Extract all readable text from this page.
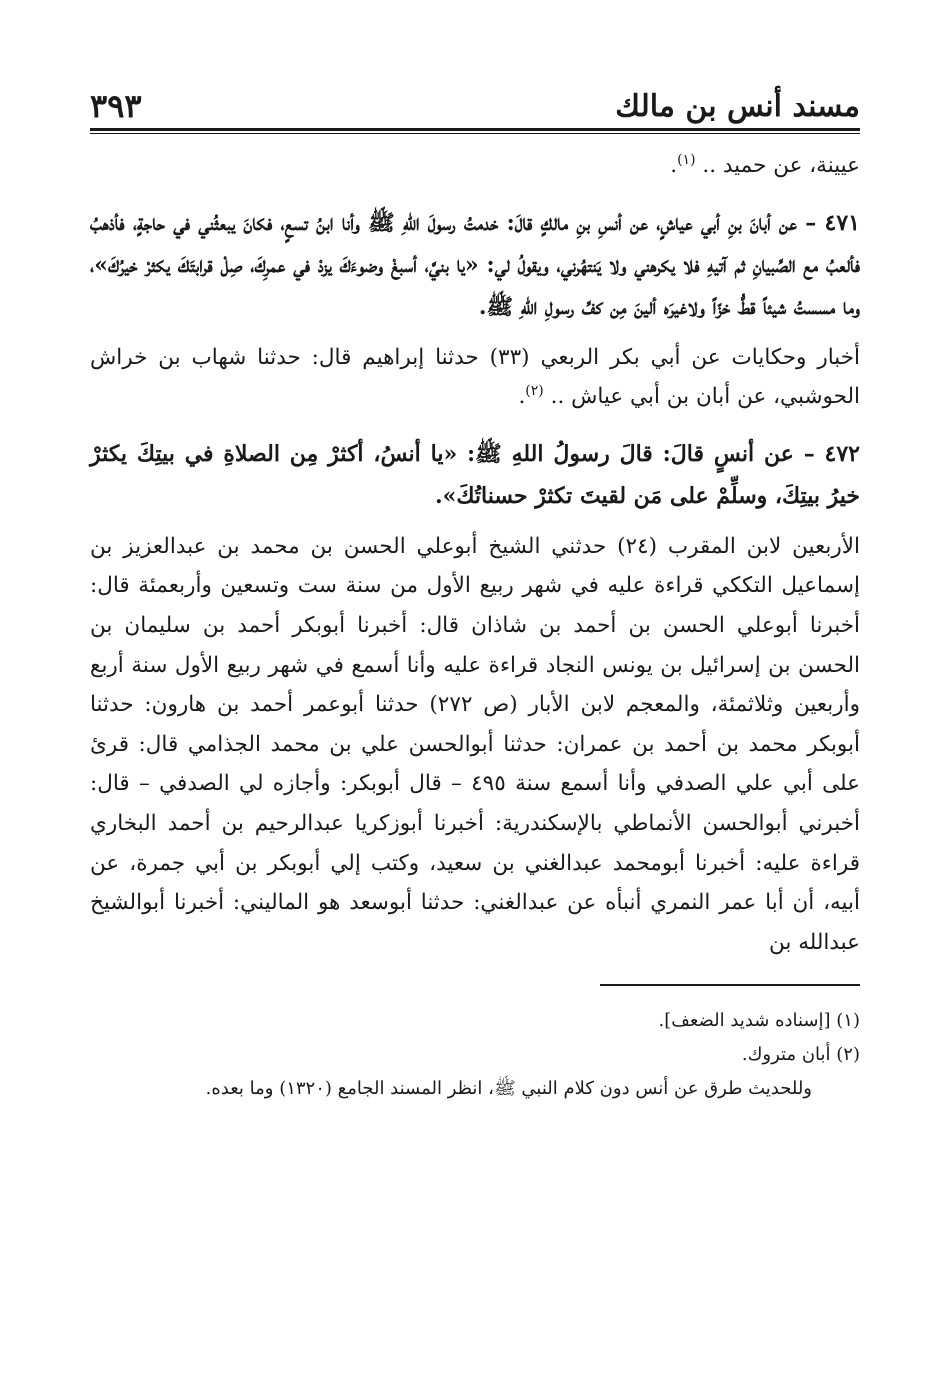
مسند أنس بن مالك
٣٩٣

عيينة، عن حميد .. $^{(١)}$.

٤٧١ – عن أبانَ بنِ أبي عياشٍ، عن أنسِ بنِ مالكٍ قالَ: خدمتُ رسولَ اللهِ ﷺ وأنا ابنُ تسعٍ، فكانَ يبعثُني في حاجةٍ، فأذهبُ فألعبُ مع الصِّبيانِ ثم آتيهِ فلا يكرهني ولا يَنتهُرني، ويقولُ لي: «يا بنيَّ، أسبغْ وضوءَكَ يزدْ في عمرِكَ، صِلْ قرابتَكَ يكثرْ خيرُكَ»، وما مسستُ شيئاً قطُّ خزّاً ولاغيرَه ألينَ مِن كفِّ رسولِ اللهِ ﷺ.

أخبار وحكايات عن أبي بكر الربعي (٣٣) حدثنا إبراهيم قال: حدثنا شهاب بن خراش الحوشبي، عن أبان بن أبي عياش .. $^{(٢)}$.

٤٧٢ – عن أنسٍ قالَ: قالَ رسولُ اللهِ ﷺ: «يا أنسُ، أكثرْ مِن الصلاةِ في بيتِكَ يكثرْ خيرُ بيتِكَ، وسلِّمْ على مَن لقيتَ تكثرْ حسناتُكَ».

الأربعين لابن المقرب (٢٤) حدثني الشيخ أبوعلي الحسن بن محمد بن عبدالعزيز بن إسماعيل التككي قراءة عليه في شهر ربيع الأول من سنة ست وتسعين وأربعمئة قال: أخبرنا أبوعلي الحسن بن أحمد بن شاذان قال: أخبرنا أبوبكر أحمد بن سليمان بن الحسن بن إسرائيل بن يونس النجاد قراءة عليه وأنا أسمع في شهر ربيع الأول سنة أربع وأربعين وثلاثمئة، والمعجم لابن الأبار (ص ٢٧٢) حدثنا أبوعمر أحمد بن هارون: حدثنا أبوبكر محمد بن أحمد بن عمران: حدثنا أبوالحسن علي بن محمد الجذامي قال: قرئ على أبي علي الصدفي وأنا أسمع سنة ٤٩٥ – قال أبوبكر: وأجازه لي الصدفي – قال: أخبرني أبوالحسن الأنماطي بالإسكندرية: أخبرنا أبوزكريا عبدالرحيم بن أحمد البخاري قراءة عليه: أخبرنا أبومحمد عبدالغني بن سعيد، وكتب إلي أبوبكر بن أبي جمرة، عن أبيه، أن أبا عمر النمري أنبأه عن عبدالغني: حدثنا أبوسعد هو الماليني: أخبرنا أبوالشيخ عبدالله بن

(١) [إسناده شديد الضعف].
(٢) أبان متروك.
وللحديث طرق عن أنس دون كلام النبي ﷺ، انظر المسند الجامع (١٣٢٠) وما بعده.
